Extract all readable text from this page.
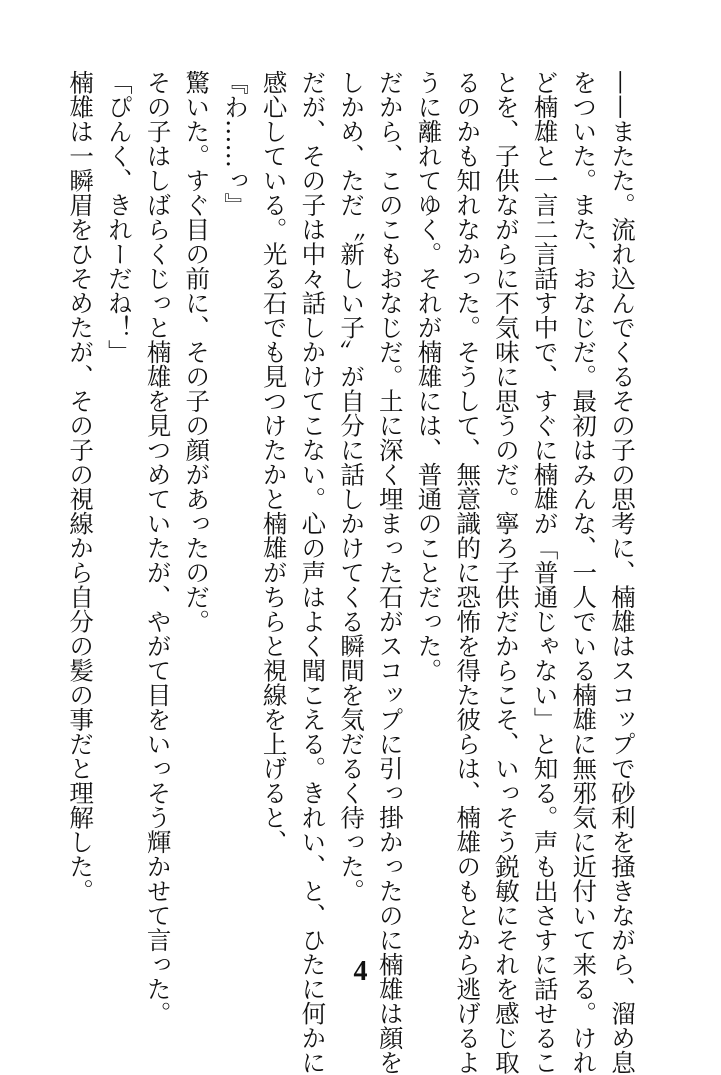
——またた。流れ込んでくるその子の思考に、楠雄はスコップで砂利を掻きながら、溜め息

をついた。また、おなじだ。最初はみんな、一人でいる楠雄に無邪気に近付いて来る。けれ

ど楠雄と一言二言話す中で、すぐに楠雄が「普通じゃない」と知る。声も出さすに話せるこ

とを、子供ながらに不気味に思うのだ。寧ろ子供だからこそ、いっそう鋭敏にそれを感じ取

るのかも知れなかった。そうして、無意識的に恐怖を得た彼らは、楠雄のもとから逃げるよ

うに離れてゆく。それが楠雄には、普通のことだった。

だから、このこもおなじだ。土に深く埋まった石がスコップに引っ掛かったのに楠雄は顔を

しかめ、ただ〝新しい子〟が自分に話しかけてくる瞬間を気だるく待った。

だが、その子は中々話しかけてこない。心の声はよく聞こえる。きれい、と、ひたに何かに

感心している。光る石でも見つけたかと楠雄がちらと視線を上げると、

『わ……っ』

驚いた。すぐ目の前に、その子の顔があったのだ。

その子はしばらくじっと楠雄を見つめていたが、やがて目をいっそう輝かせて言った。

「ぴんく、きれーだね！」

楠雄は一瞬眉をひそめたが、その子の視線から自分の髪の事だと理解した。

4
